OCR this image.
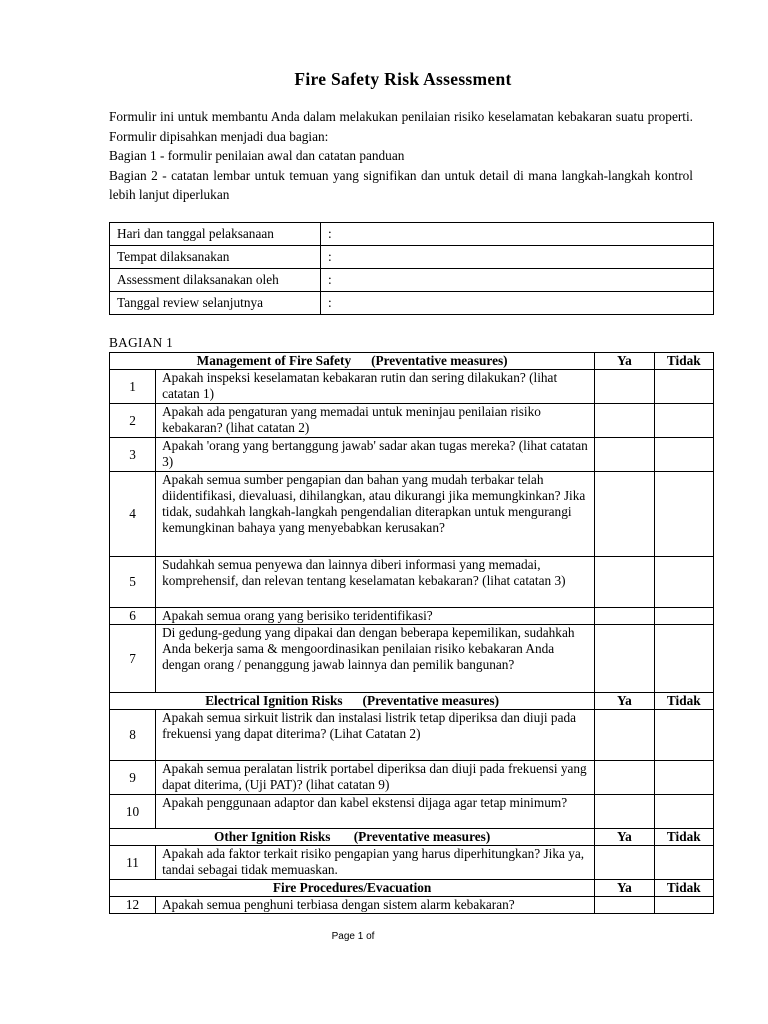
Fire Safety Risk Assessment

Formulir ini untuk membantu Anda dalam melakukan penilaian risiko keselamatan kebakaran suatu properti. Formulir dipisahkan menjadi dua bagian:

Bagian 1 - formulir penilaian awal dan catatan panduan

Bagian 2 - catatan lembar untuk temuan yang signifikan dan untuk detail di mana langkah-langkah kontrol lebih lanjut diperlukan

Hari dan tanggal pelaksanaan	:
Tempat dilaksanakan	:
Assessment dilaksanakan oleh	:
Tanggal review selanjutnya	:
BAGIAN 1
Management of Fire Safety      (Preventative measures)		Ya	Tidak
1	Apakah inspeksi keselamatan kebakaran rutin dan sering dilakukan? (lihat catatan 1)		
2	Apakah ada pengaturan yang memadai untuk meninjau penilaian risiko kebakaran? (lihat catatan 2)		
3	Apakah 'orang yang bertanggung jawab' sadar akan tugas mereka? (lihat catatan 3)		
4	Apakah semua sumber pengapian dan bahan yang mudah terbakar telah diidentifikasi, dievaluasi, dihilangkan, atau dikurangi jika memungkinkan? Jika tidak, sudahkah langkah-langkah pengendalian diterapkan untuk mengurangi kemungkinan bahaya yang menyebabkan kerusakan?		
5	Sudahkah semua penyewa dan lainnya diberi informasi yang memadai, komprehensif, dan relevan tentang keselamatan kebakaran? (lihat catatan 3)		
6	Apakah semua orang yang berisiko teridentifikasi?		
7	Di gedung-gedung yang dipakai dan dengan beberapa kepemilikan, sudahkah Anda bekerja sama & mengoordinasikan penilaian risiko kebakaran Anda dengan orang / penanggung jawab lainnya dan pemilik bangunan?		
Electrical Ignition Risks      (Preventative measures)		Ya	Tidak
8	Apakah semua sirkuit listrik dan instalasi listrik tetap diperiksa dan diuji pada frekuensi yang dapat diterima? (Lihat Catatan 2)		
9	Apakah semua peralatan listrik portabel diperiksa dan diuji pada frekuensi yang dapat diterima, (Uji PAT)? (lihat catatan 9)		
10	Apakah penggunaan adaptor dan kabel ekstensi dijaga agar tetap minimum?		
Other Ignition Risks       (Preventative measures)		Ya	Tidak
11	Apakah ada faktor terkait risiko pengapian yang harus diperhitungkan? Jika ya, tandai sebagai tidak memuaskan.		
Fire Procedures/Evacuation		Ya	Tidak
12	Apakah semua penghuni terbiasa dengan sistem alarm kebakaran?		
Page 1 of
